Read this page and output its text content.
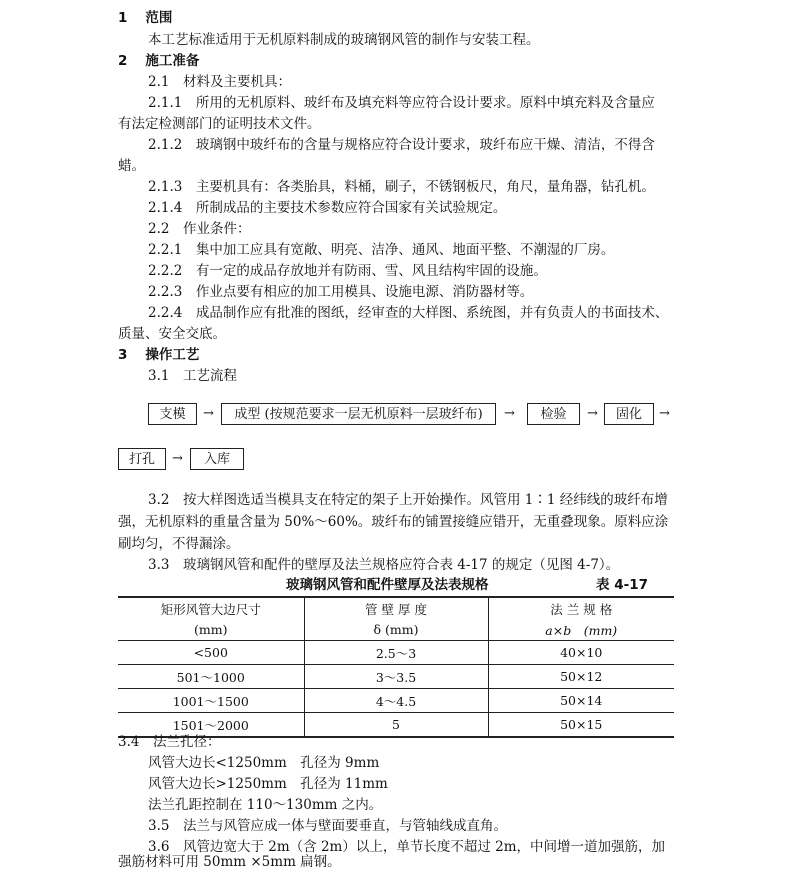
1 范围
本工艺标准适用于无机原料制成的玻璃钢风管的制作与安装工程。
2 施工准备
2.1　材料及主要机具：
2.1.1　所用的无机原料、玻纤布及填充料等应符合设计要求。原料中填充料及含量应
有法定检测部门的证明技术文件。
2.1.2　玻璃钢中玻纤布的含量与规格应符合设计要求，玻纤布应干燥、清洁，不得含
蜡。
2.1.3　主要机具有：各类胎具，料桶，刷子，不锈钢板尺，角尺，量角器，钻孔机。
2.1.4　所制成品的主要技术参数应符合国家有关试验规定。
2.2　作业条件：
2.2.1　集中加工应具有宽敞、明亮、洁净、通风、地面平整、不潮湿的厂房。
2.2.2　有一定的成品存放地并有防雨、雪、风且结构牢固的设施。
2.2.3　作业点要有相应的加工用模具、设施电源、消防器材等。
2.2.4　成品制作应有批准的图纸，经审查的大样图、系统图，并有负责人的书面技术、
质量、安全交底。
3 操作工艺
3.1　工艺流程
支模	→	成型 (按规范要求一层无机原料一层玻纤布)	→	检验	→	固化	→
打孔	→	入库
3.2　按大样图选适当模具支在特定的架子上开始操作。风管用 1∶1 经纬线的玻纤布增
强，无机原料的重量含量为 50%～60%。玻纤布的铺置接缝应错开，无重叠现象。原料应涂
刷均匀，不得漏涂。
3.3　玻璃钢风管和配件的壁厚及法兰规格应符合表 4-17 的规定（见图 4-7）。
玻璃钢风管和配件壁厚及法表规格	表 4-17
矩形风管大边尺寸	管 壁 厚 度	法 兰 规 格
(mm)	δ (mm)	a×b　(mm)
<500	2.5～3	40×10
501～1000	3～3.5	50×12
1001～1500	4～4.5	50×14
1501～2000	5	50×15
3.4　法兰孔径：
风管大边长<1250mm　孔径为 9mm
风管大边长>1250mm　孔径为 11mm
法兰孔距控制在 110～130mm 之内。
3.5　法兰与风管应成一体与壁面要垂直，与管轴线成直角。
3.6　风管边宽大于 2m（含 2m）以上，单节长度不超过 2m，中间增一道加强筋，加
强筋材料可用 50mm ×5mm 扁钢。
